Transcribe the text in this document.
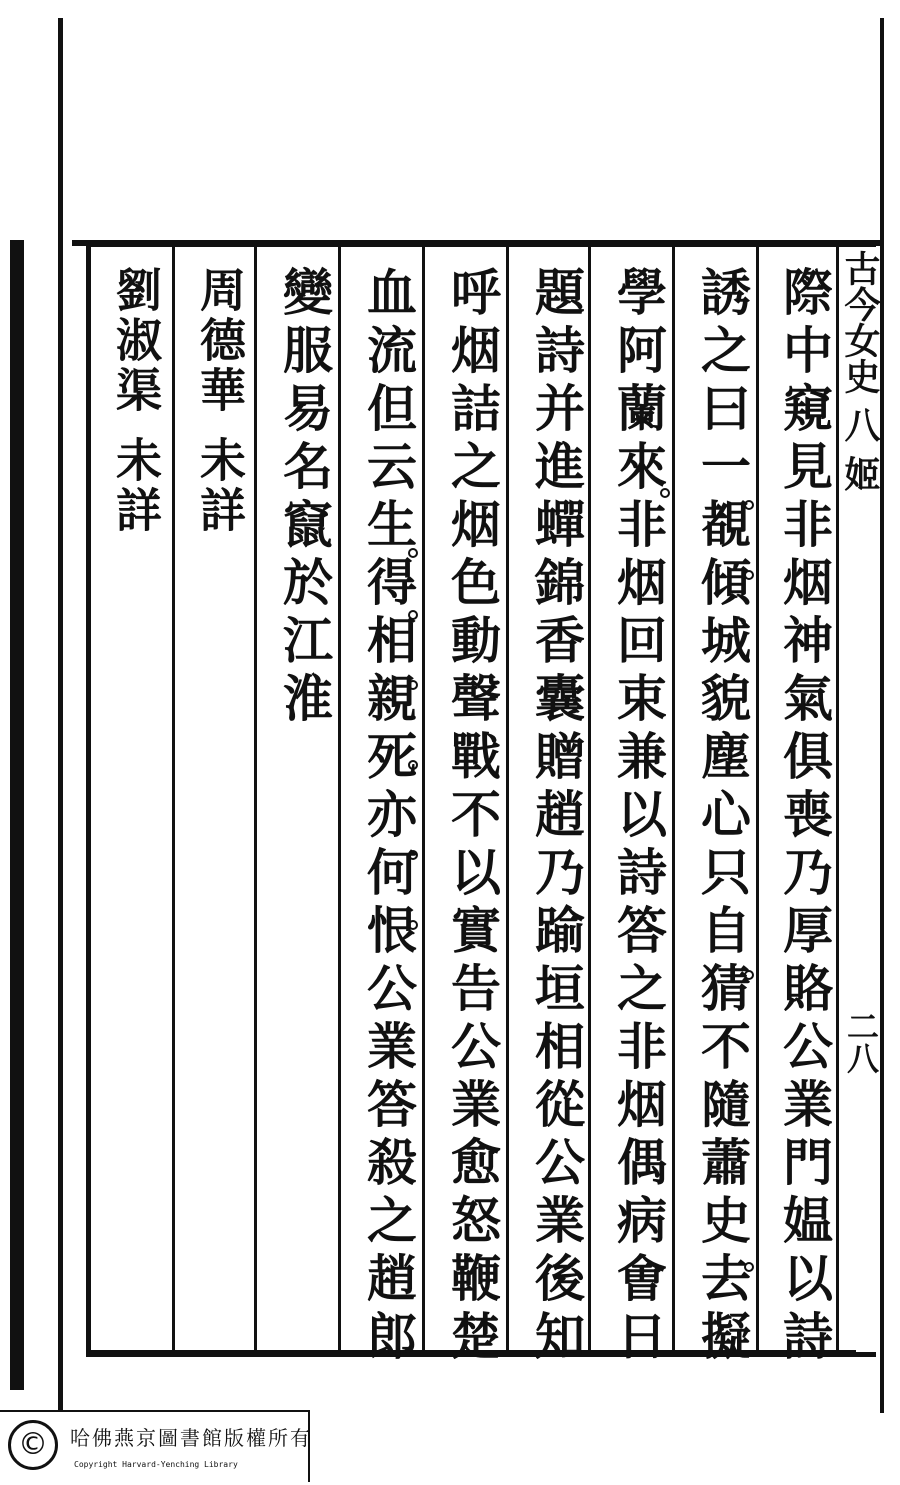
古今女史 八 姬
二八
際中窺見非烟神氣俱喪乃厚賂公業門媪以詩
誘之曰一覩傾城貌塵心只自猜不隨蕭史去擬
學阿蘭來非烟回束兼以詩答之非烟偶病㑹日
題詩并進蟬錦香囊贈趙乃踰垣相從公業後知
呼烟詰之烟色動聲戰不以實告公業愈怒鞭楚
血流但云生得相親死亦何恨公業答殺之趙郎
變服易名竄於江淮
周德華 未詳
劉淑渠 未詳
©	哈佛燕京圖書館版權所有
Copyright Harvard-Yenching Library
